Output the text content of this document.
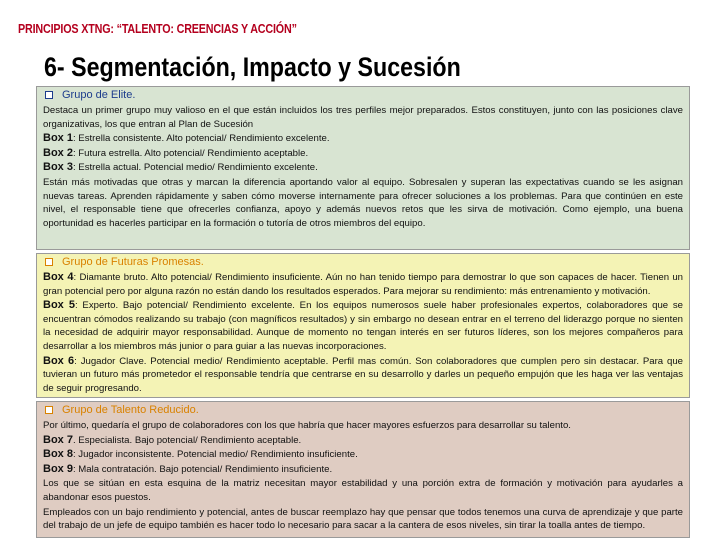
PRINCIPIOS XTNG: “TALENTO: CREENCIAS Y ACCIÓN”
6- Segmentación, Impacto y Sucesión
Grupo de Elite.

Destaca un primer grupo muy valioso en el que están incluidos los tres perfiles mejor preparados. Estos constituyen, junto con las posiciones clave organizativas, los que entran al Plan de Sucesión

Box 1: Estrella consistente. Alto potencial/ Rendimiento excelente.

Box 2: Futura estrella. Alto potencial/ Rendimiento aceptable.

Box 3: Estrella actual. Potencial medio/ Rendimiento excelente.

Están más motivadas que otras y marcan la diferencia aportando valor al equipo. Sobresalen y superan las expectativas cuando se les asignan nuevas tareas. Aprenden rápidamente y saben cómo moverse internamente para ofrecer soluciones a los problemas. Para que continúen en este nivel, el responsable tiene que ofrecerles confianza, apoyo y además nuevos retos que les sirva de motivación. Como ejemplo, una buena oportunidad es hacerles participar en la formación o tutoría de otros miembros del equipo.

Grupo de Futuras Promesas.

Box 4: Diamante bruto. Alto potencial/ Rendimiento insuficiente. Aún no han tenido tiempo para demostrar lo que son capaces de hacer. Tienen un gran potencial pero por alguna razón no están dando los resultados esperados. Para mejorar su rendimiento: más entrenamiento y motivación.

Box 5: Experto. Bajo potencial/ Rendimiento excelente. En los equipos numerosos suele haber profesionales expertos, colaboradores que se encuentran cómodos realizando su trabajo (con magníficos resultados) y sin embargo no desean entrar en el terreno del liderazgo porque no sienten la necesidad de adquirir mayor responsabilidad. Aunque de momento no tengan interés en ser futuros líderes, son los mejores compañeros para desarrollar a los miembros más junior o para guiar a las nuevas incorporaciones.

Box 6: Jugador Clave. Potencial medio/ Rendimiento aceptable. Perfil mas común. Son colaboradores que cumplen pero sin destacar. Para que tuvieran un futuro más prometedor el responsable tendría que centrarse en su desarrollo y darles un pequeño empujón que les haga ver las ventajas de seguir progresando.

Grupo de Talento Reducido.

Por último, quedaría el grupo de colaboradores con los que habría que hacer mayores esfuerzos para desarrollar su talento.

Box 7. Especialista. Bajo potencial/ Rendimiento aceptable.

Box 8: Jugador inconsistente. Potencial medio/ Rendimiento insuficiente.

Box 9: Mala contratación. Bajo potencial/ Rendimiento insuficiente.

Los que se sitúan en esta esquina de la matriz necesitan mayor estabilidad y una porción extra de formación y motivación para ayudarles a abandonar esos puestos.

Empleados con un bajo rendimiento y potencial, antes de buscar reemplazo hay que pensar que todos tenemos una curva de aprendizaje y que parte del trabajo de un jefe de equipo también es hacer todo lo necesario para sacar a la cantera de esos niveles, sin tirar la toalla antes de tiempo.
